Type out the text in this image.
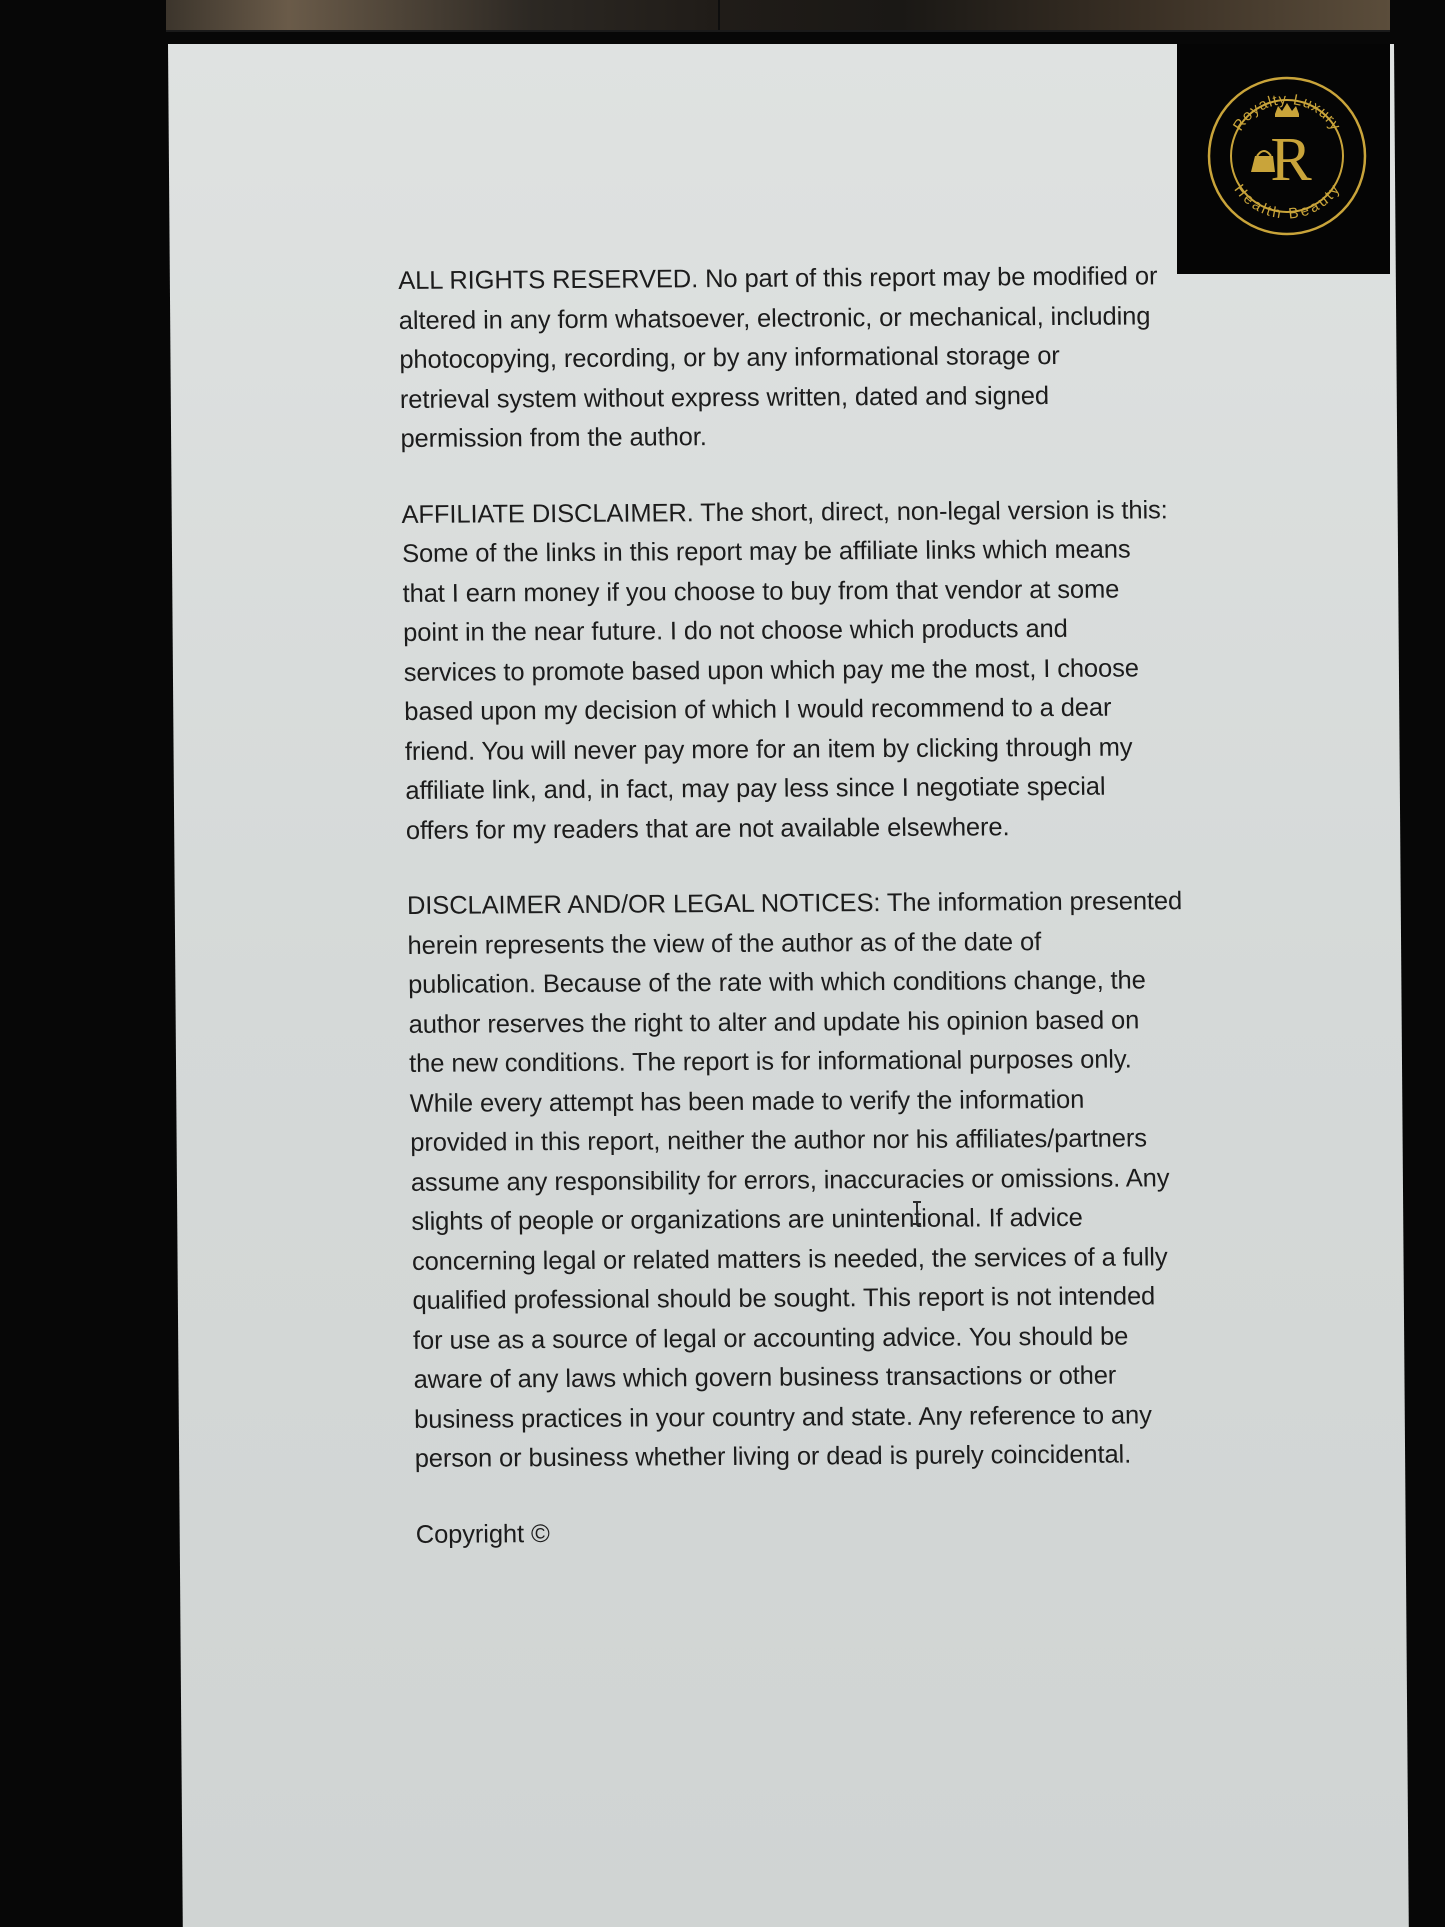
Royalty Luxury
Health Beauty
R

ALL RIGHTS RESERVED. No part of this report may be modified or
altered in any form whatsoever, electronic, or mechanical, including
photocopying, recording, or by any informational storage or
retrieval system without express written, dated and signed
permission from the author.

AFFILIATE DISCLAIMER. The short, direct, non-legal version is this:
Some of the links in this report may be affiliate links which means
that I earn money if you choose to buy from that vendor at some
point in the near future. I do not choose which products and
services to promote based upon which pay me the most, I choose
based upon my decision of which I would recommend to a dear
friend. You will never pay more for an item by clicking through my
affiliate link, and, in fact, may pay less since I negotiate special
offers for my readers that are not available elsewhere.

DISCLAIMER AND/OR LEGAL NOTICES: The information presented
herein represents the view of the author as of the date of
publication. Because of the rate with which conditions change, the
author reserves the right to alter and update his opinion based on
the new conditions. The report is for informational purposes only.
While every attempt has been made to verify the information
provided in this report, neither the author nor his affiliates/partners
assume any responsibility for errors, inaccuracies or omissions. Any
slights of people or organizations are unintentional. If advice
concerning legal or related matters is needed, the services of a fully
qualified professional should be sought. This report is not intended
for use as a source of legal or accounting advice. You should be
aware of any laws which govern business transactions or other
business practices in your country and state. Any reference to any
person or business whether living or dead is purely coincidental.

Copyright ©
